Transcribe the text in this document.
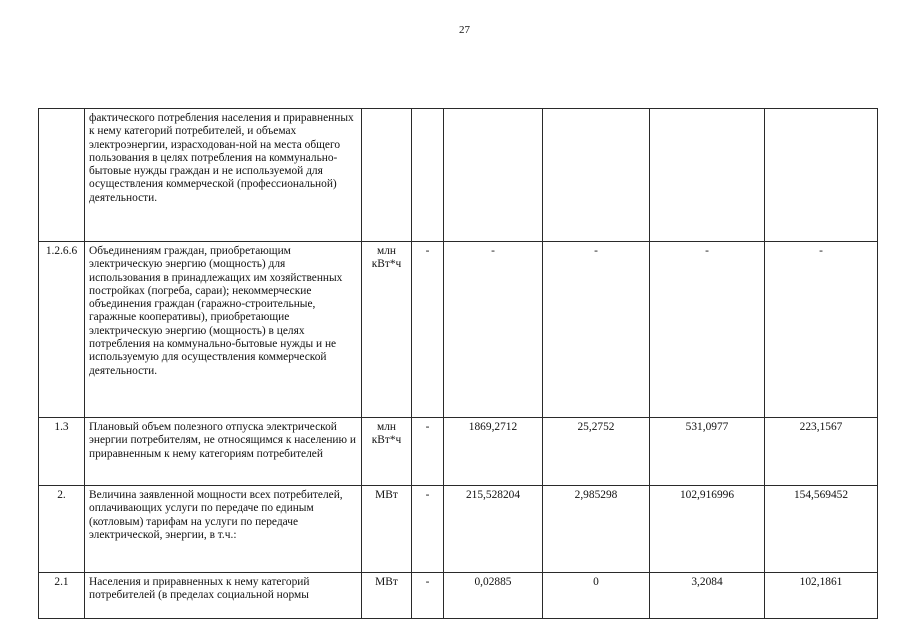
27
	фактического потребления населения и приравненных к нему категорий потребителей, и объемах электроэнергии, израсходован-ной на места общего пользования в целях потребления на коммунально-бытовые нужды граждан и не используемой для осуществления коммерческой (профессиональной) деятельности.						
1.2.6.6	Объединениям граждан, приобретающим электрическую энергию (мощность) для использования в принадлежащих им хозяйственных постройках (погреба, сараи); некоммерческие объединения граждан (гаражно-строительные, гаражные кооперативы), приобретающие электрическую энергию (мощность) в целях потребления на коммунально-бытовые нужды и не используемую для осуществления коммерческой деятельности.	млн кВт*ч	-	-	-	-	-
1.3	Плановый объем полезного отпуска электрической энергии потребителям, не относящимся к населению и приравненным к нему категориям потребителей	млн кВт*ч	-	1869,2712	25,2752	531,0977	223,1567
2.	Величина заявленной мощности всех потребителей, оплачивающих услуги по передаче по единым (котловым) тарифам на услуги по передаче электрической, энергии, в т.ч.:	МВт	-	215,528204	2,985298	102,916996	154,569452
2.1	Населения и приравненных к нему категорий потребителей (в пределах социальной нормы	МВт	-	0,02885	0	3,2084	102,1861
